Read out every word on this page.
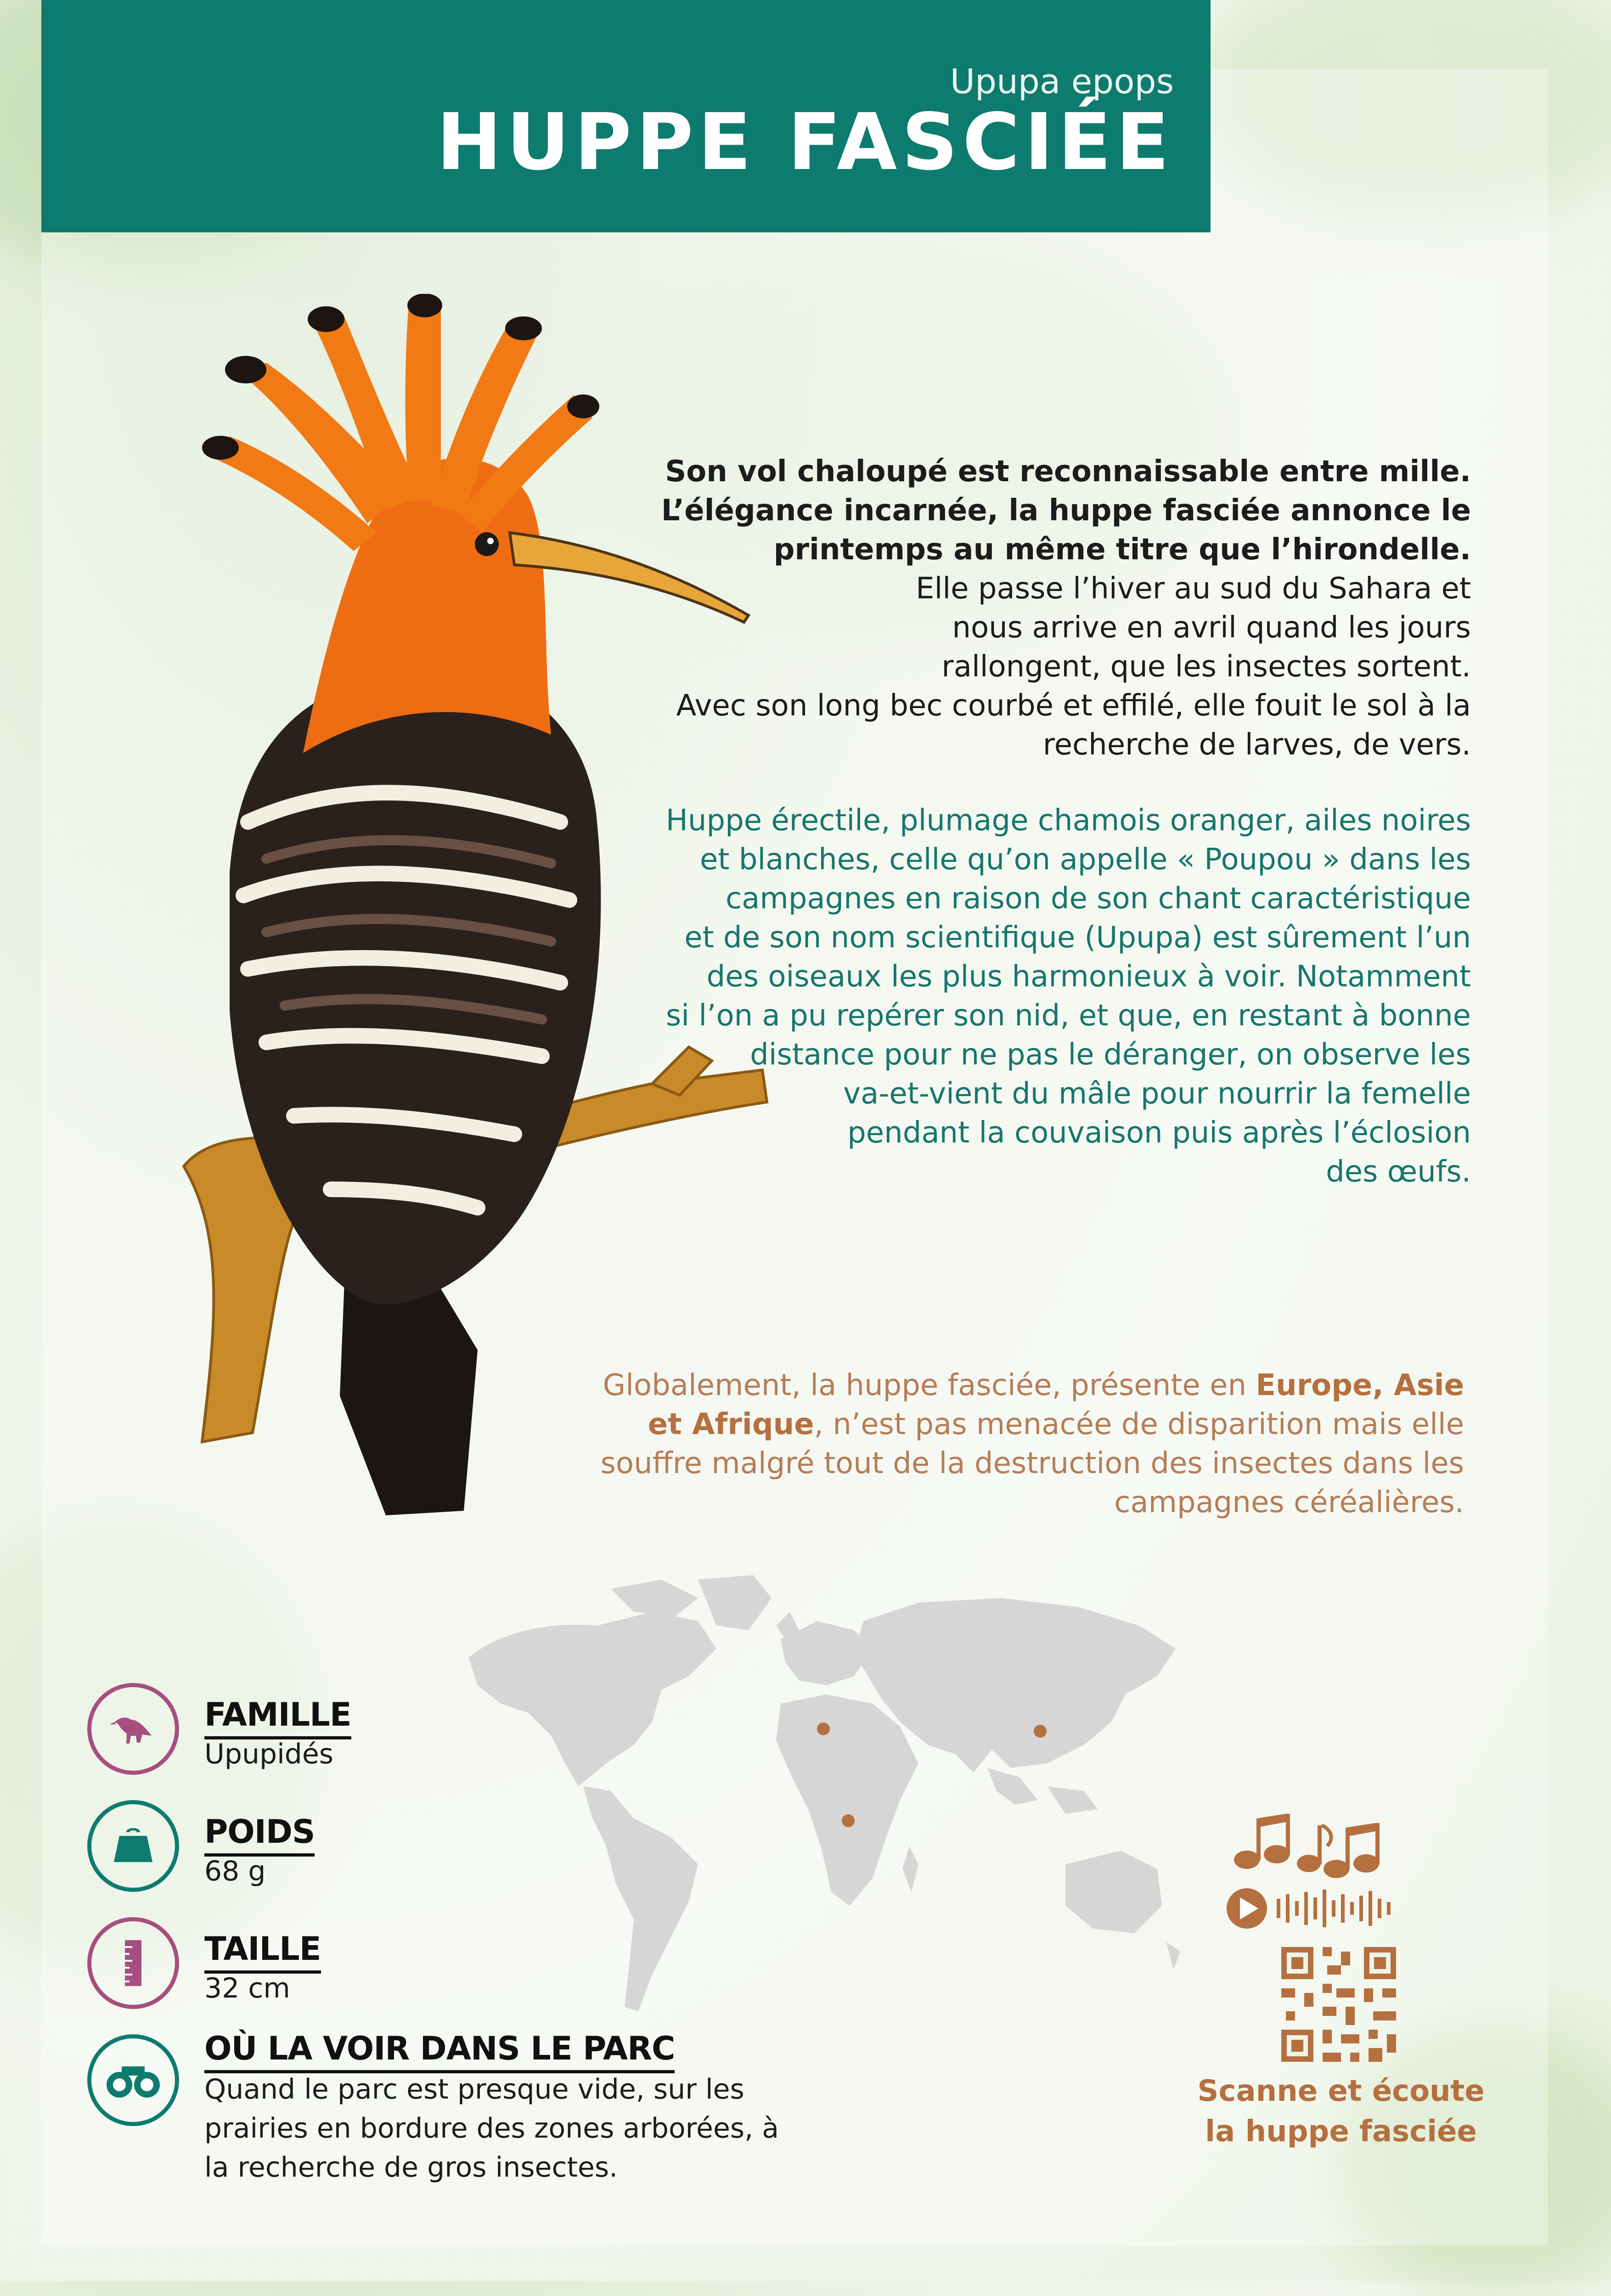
Upupa epops
HUPPE FASCIÉE
Son vol chaloupé est reconnaissable entre mille.
L’élégance incarnée, la huppe fasciée annonce le
printemps au même titre que l’hirondelle.
Elle passe l’hiver au sud du Sahara et
nous arrive en avril quand les jours
rallongent, que les insectes sortent.
Avec son long bec courbé et effilé, elle fouit le sol à la
recherche de larves, de vers.
Huppe érectile, plumage chamois oranger, ailes noires
et blanches, celle qu’on appelle « Poupou » dans les
campagnes en raison de son chant caractéristique
et de son nom scientifique (Upupa) est sûrement l’un
des oiseaux les plus harmonieux à voir. Notamment
si l’on a pu repérer son nid, et que, en restant à bonne
distance pour ne pas le déranger, on observe les
va-et-vient du mâle pour nourrir la femelle
pendant la couvaison puis après l’éclosion
des œufs.
Globalement, la huppe fasciée, présente en Europe, Asie
et Afrique, n’est pas menacée de disparition mais elle
souffre malgré tout de la destruction des insectes dans les
campagnes céréalières.
FAMILLE
Upupidés
POIDS
68 g
TAILLE
32 cm
OÙ LA VOIR DANS LE PARC
Quand le parc est presque vide, sur les
prairies en bordure des zones arborées, à
la recherche de gros insectes.
Scanne et écoute
la huppe fasciée
